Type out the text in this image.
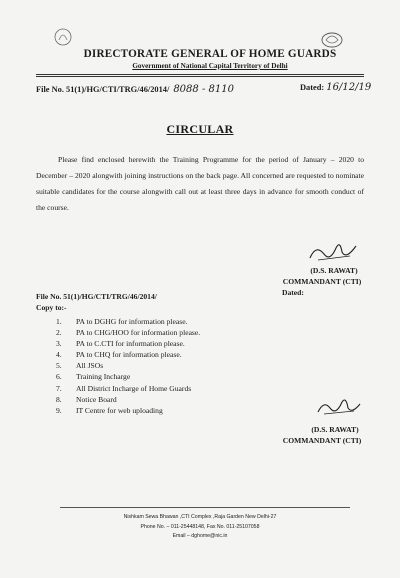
DIRECTORATE GENERAL OF HOME GUARDS
Government of National Capital Territory of Delhi
File No. 51(1)/HG/CTI/TRG/46/2014/ 8088 - 8110	Dated: 16/12/19
CIRCULAR

Please find enclosed herewith the Training Programme for the period of January – 2020 to December – 2020 alongwith joining instructions on the back page. All concerned are requested to nominate suitable candidates for the course alongwith call out at least three days in advance for smooth conduct of the course.

(D.S. RAWAT)
COMMANDANT (CTI)
Dated:
File No. 51(1)/HG/CTI/TRG/46/2014/
Copy to:-
1. PA to DGHG for information please.
2. PA to CHG/HOO for information please.
3. PA to C.CTI for information please.
4. PA to CHQ for information please.
5. All JSOs
6. Training Incharge
7. All District Incharge of Home Guards
8. Notice Board
9. IT Centre for web uploading
(D.S. RAWAT)
COMMANDANT (CTI)
Nishkam Sewa Bhawan ,CTI Complex ,Raja Garden New Delhi-27
Phone No. – 011-25448148, Fax No. 011-25107058
Email – dghome@nic.in
